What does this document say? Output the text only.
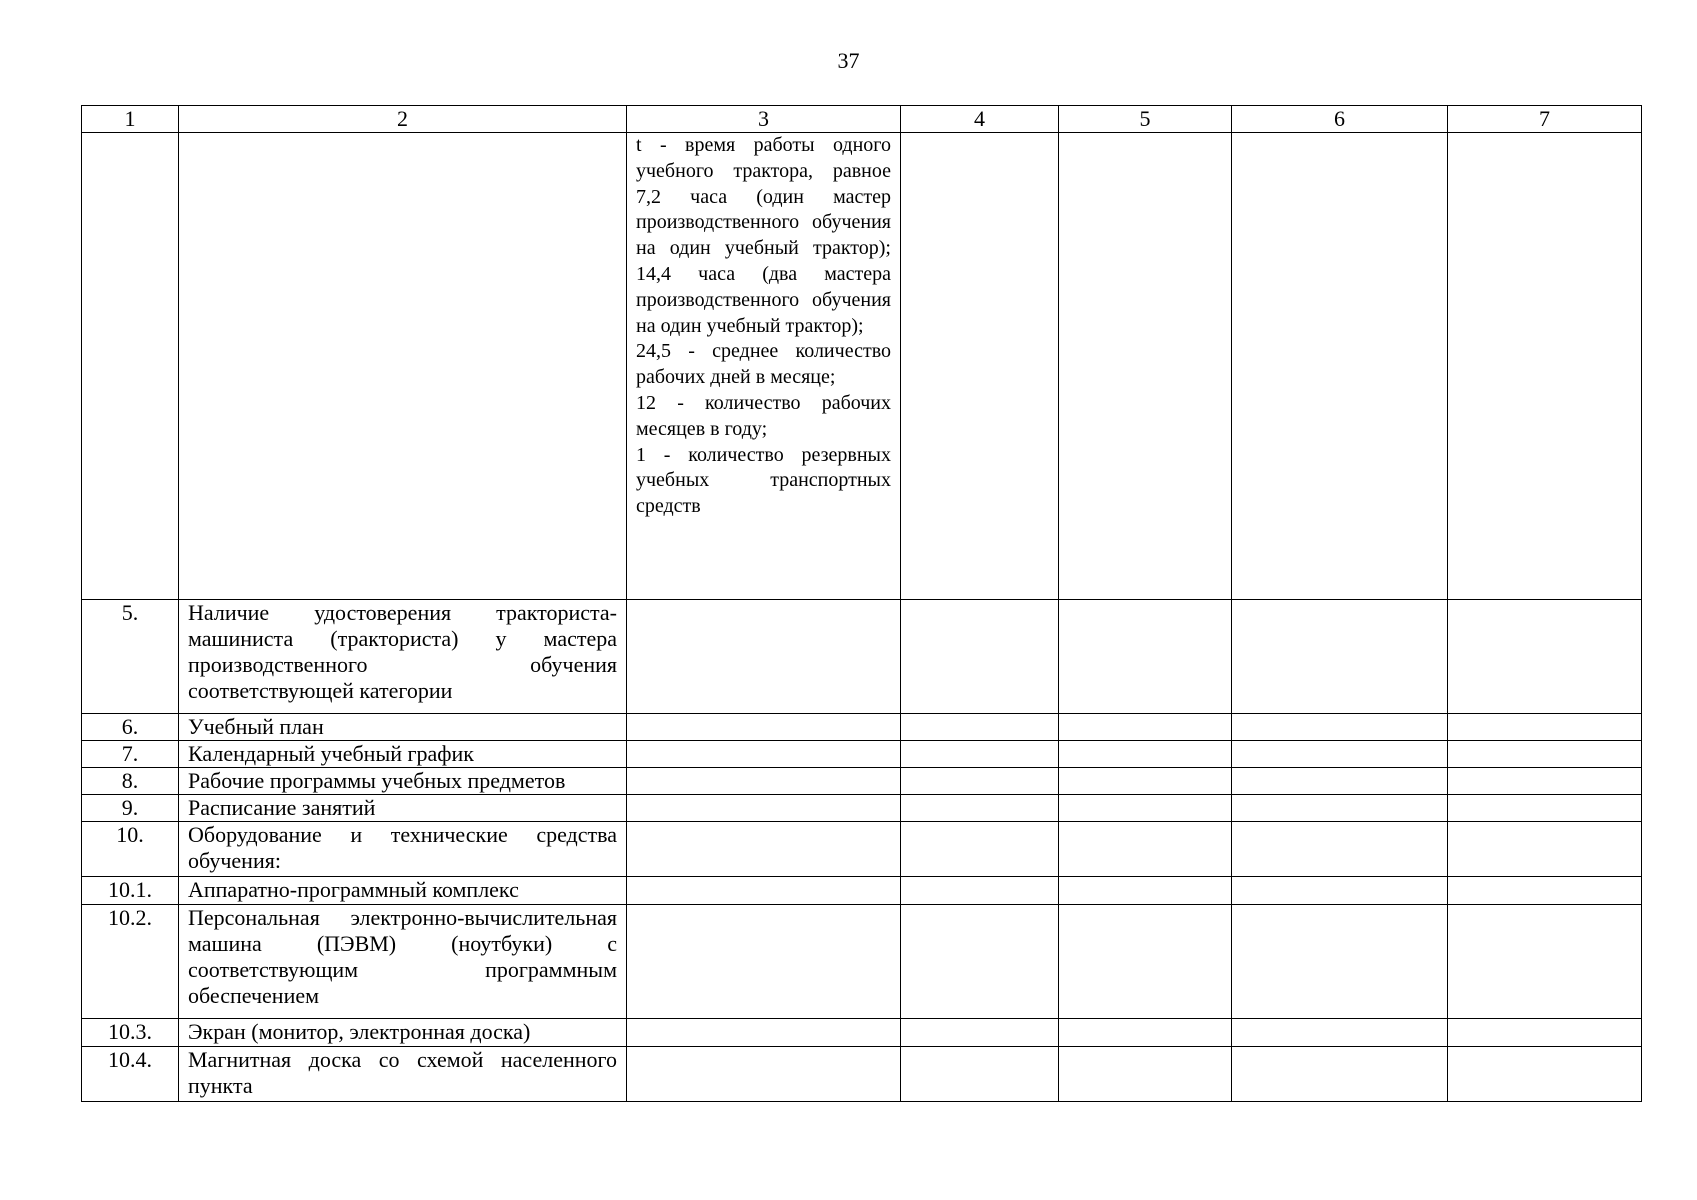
37
1	2	3	4	5	6	7

		t - время работы одного учебного трактора, равное 7,2 часа (один мастер производственного обучения на один учебный трактор); 14,4 часа (два мастера производственного обучения на один учебный трактор);

24,5 - среднее количество рабочих дней в месяце;

12 - количество рабочих месяцев в году;

1 - количество резервных учебных транспортных средств				

5.	Наличие удостоверения тракториста-машиниста (тракториста) у мастера производственного обучения соответствующей категории					
6.	Учебный план					
7.	Календарный учебный график					
8.	Рабочие программы учебных предметов					
9.	Расписание занятий					
10.	Оборудование и технические средства обучения:					
10.1.	Аппаратно-программный комплекс					
10.2.	Персональная электронно-вычислительная машина (ПЭВМ) (ноутбуки) с соответствующим программным обеспечением					
10.3.	Экран (монитор, электронная доска)					
10.4.	Магнитная доска со схемой населенного пункта					
